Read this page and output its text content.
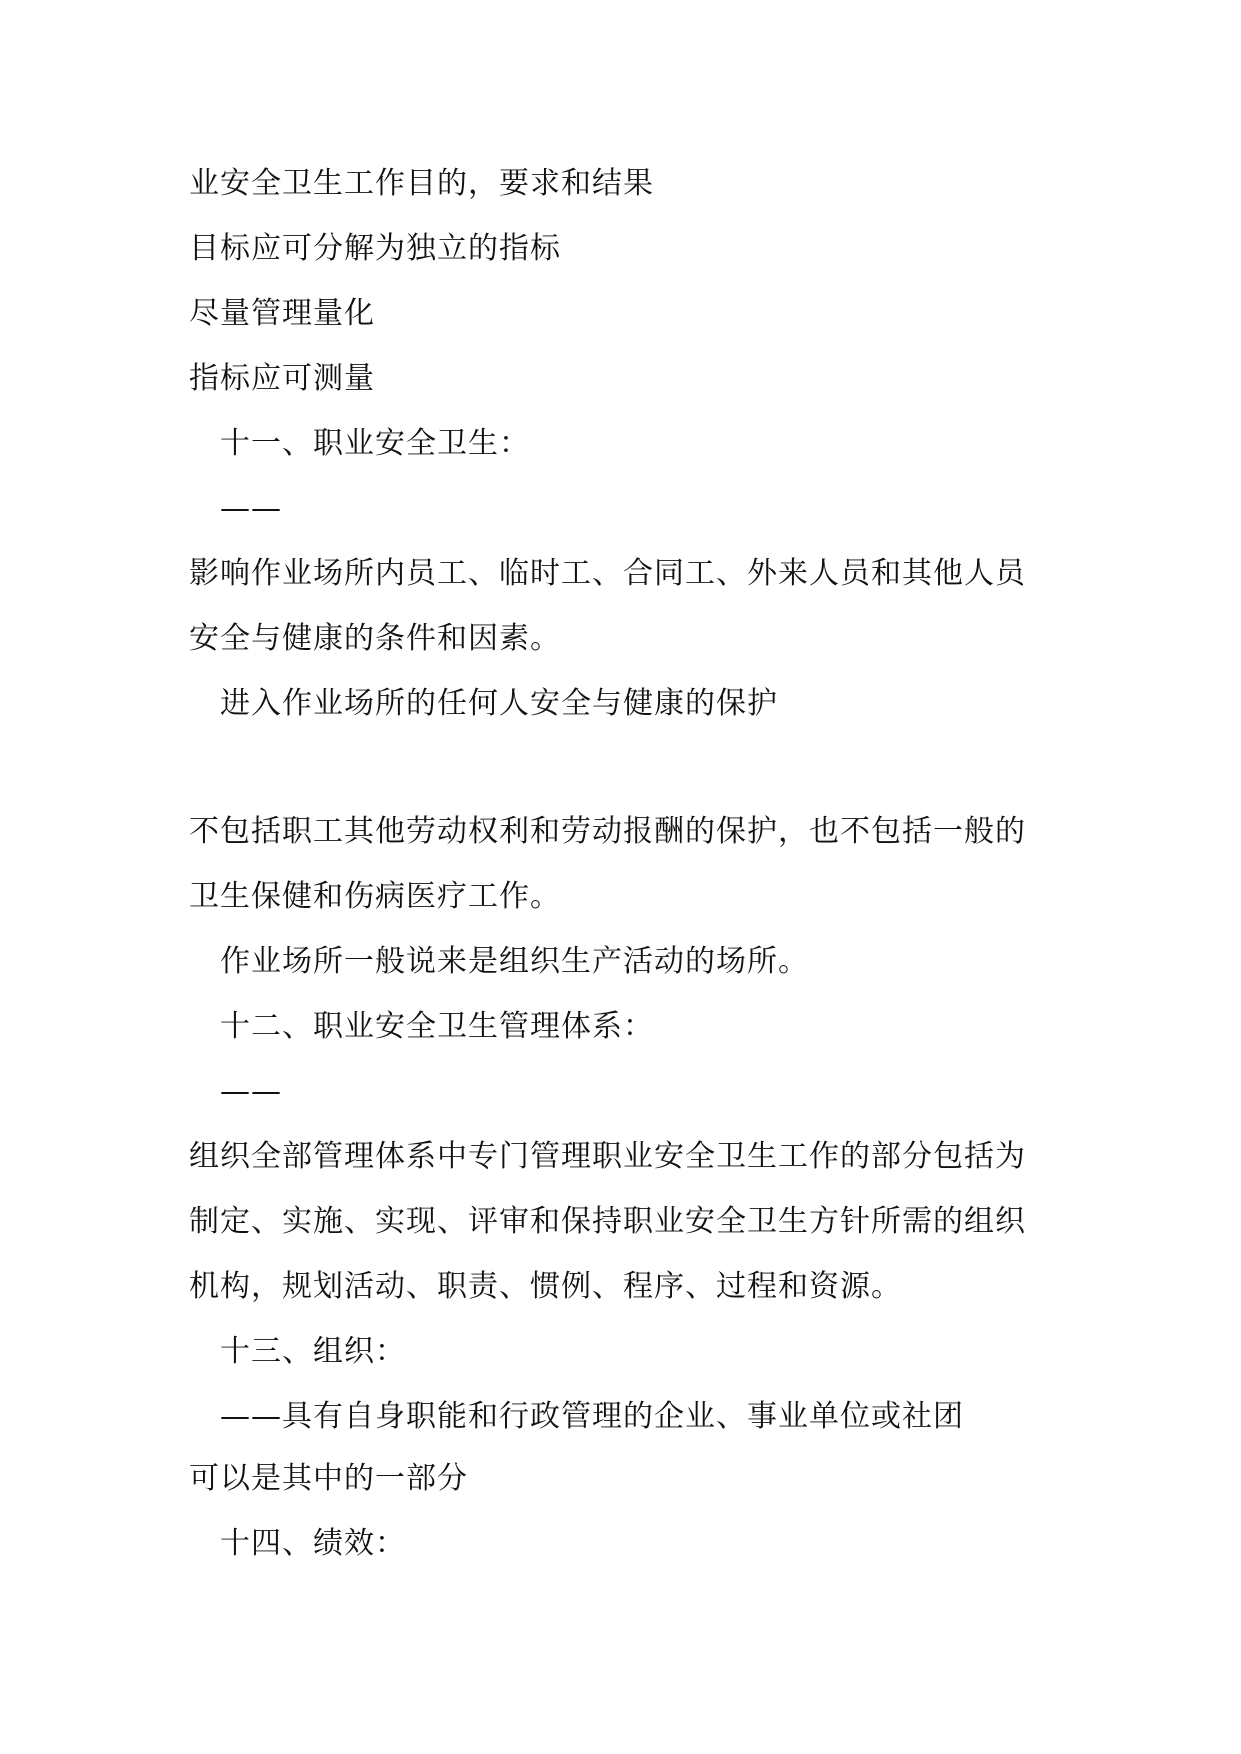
业安全卫生工作目的，要求和结果
目标应可分解为独立的指标
尽量管理量化
指标应可测量
十一、职业安全卫生：
——
影响作业场所内员工、临时工、合同工、外来人员和其他人员
安全与健康的条件和因素。
进入作业场所的任何人安全与健康的保护
不包括职工其他劳动权利和劳动报酬的保护，也不包括一般的
卫生保健和伤病医疗工作。
作业场所一般说来是组织生产活动的场所。
十二、职业安全卫生管理体系：
——
组织全部管理体系中专门管理职业安全卫生工作的部分包括为
制定、实施、实现、评审和保持职业安全卫生方针所需的组织
机构，规划活动、职责、惯例、程序、过程和资源。
十三、组织：
——具有自身职能和行政管理的企业、事业单位或社团
可以是其中的一部分
十四、绩效：
